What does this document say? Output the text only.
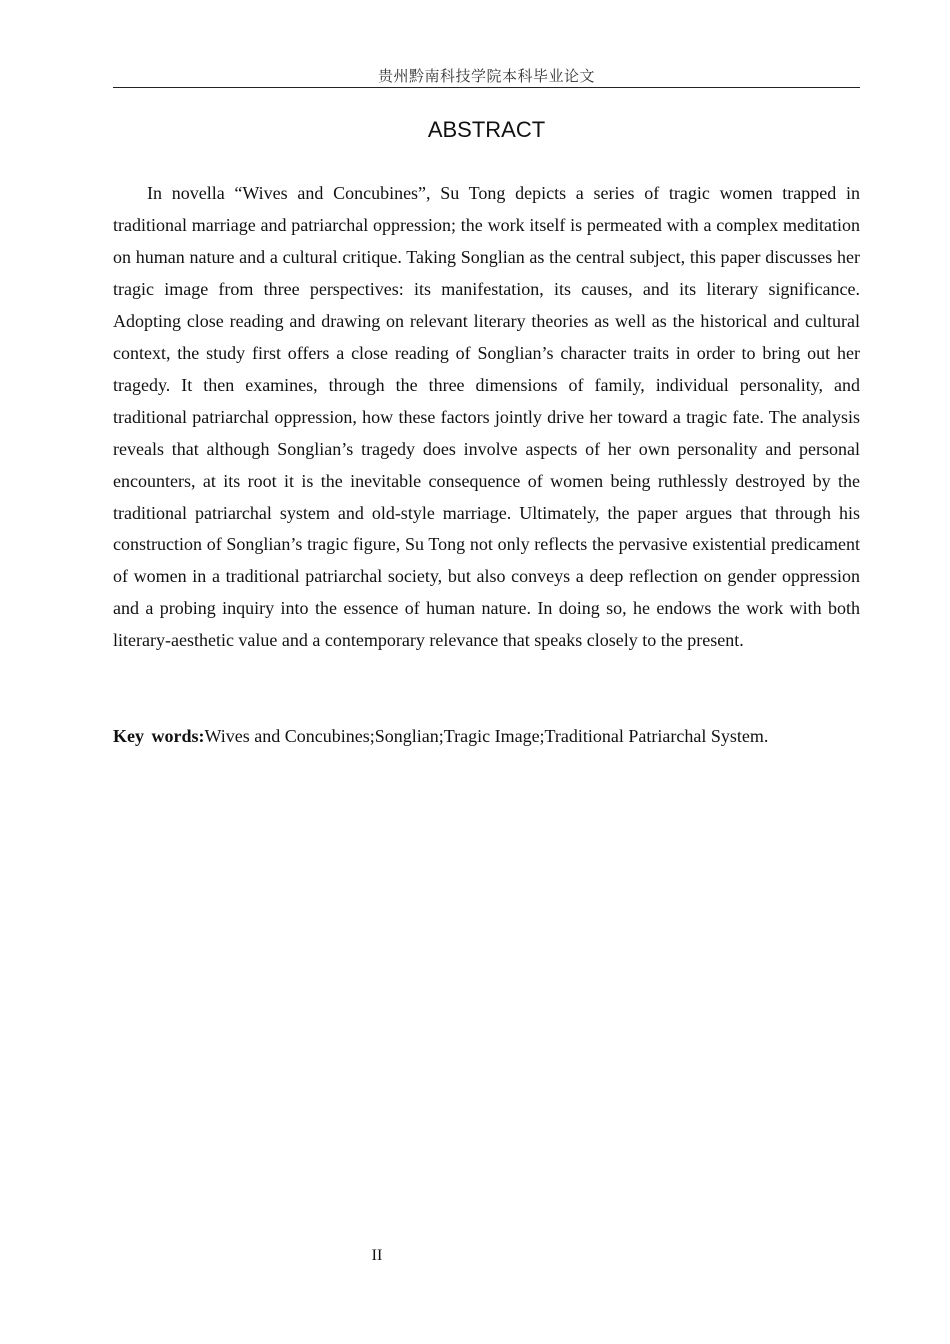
贵州黔南科技学院本科毕业论文
ABSTRACT

In novella “Wives and Concubines”, Su Tong depicts a series of tragic women trapped in traditional marriage and patriarchal oppression; the work itself is permeated with a complex meditation on human nature and a cultural critique. Taking Songlian as the central subject, this paper discusses her tragic image from three perspectives: its manifestation, its causes, and its literary significance. Adopting close reading and drawing on relevant literary theories as well as the historical and cultural context, the study first offers a close reading of Songlian’s character traits in order to bring out her tragedy. It then examines, through the three dimensions of family, individual personality, and traditional patriarchal oppression, how these factors jointly drive her toward a tragic fate. The analysis reveals that although Songlian’s tragedy does involve aspects of her own personality and personal encounters, at its root it is the inevitable consequence of women being ruthlessly destroyed by the traditional patriarchal system and old-style marriage. Ultimately, the paper argues that through his construction of Songlian’s tragic figure, Su Tong not only reflects the pervasive existential predicament of women in a traditional patriarchal society, but also conveys a deep reflection on gender oppression and a probing inquiry into the essence of human nature. In doing so, he endows the work with both literary-aesthetic value and a contemporary relevance that speaks closely to the present.

Key words:Wives and Concubines;Songlian;Tragic Image;Traditional Patriarchal System.

II
